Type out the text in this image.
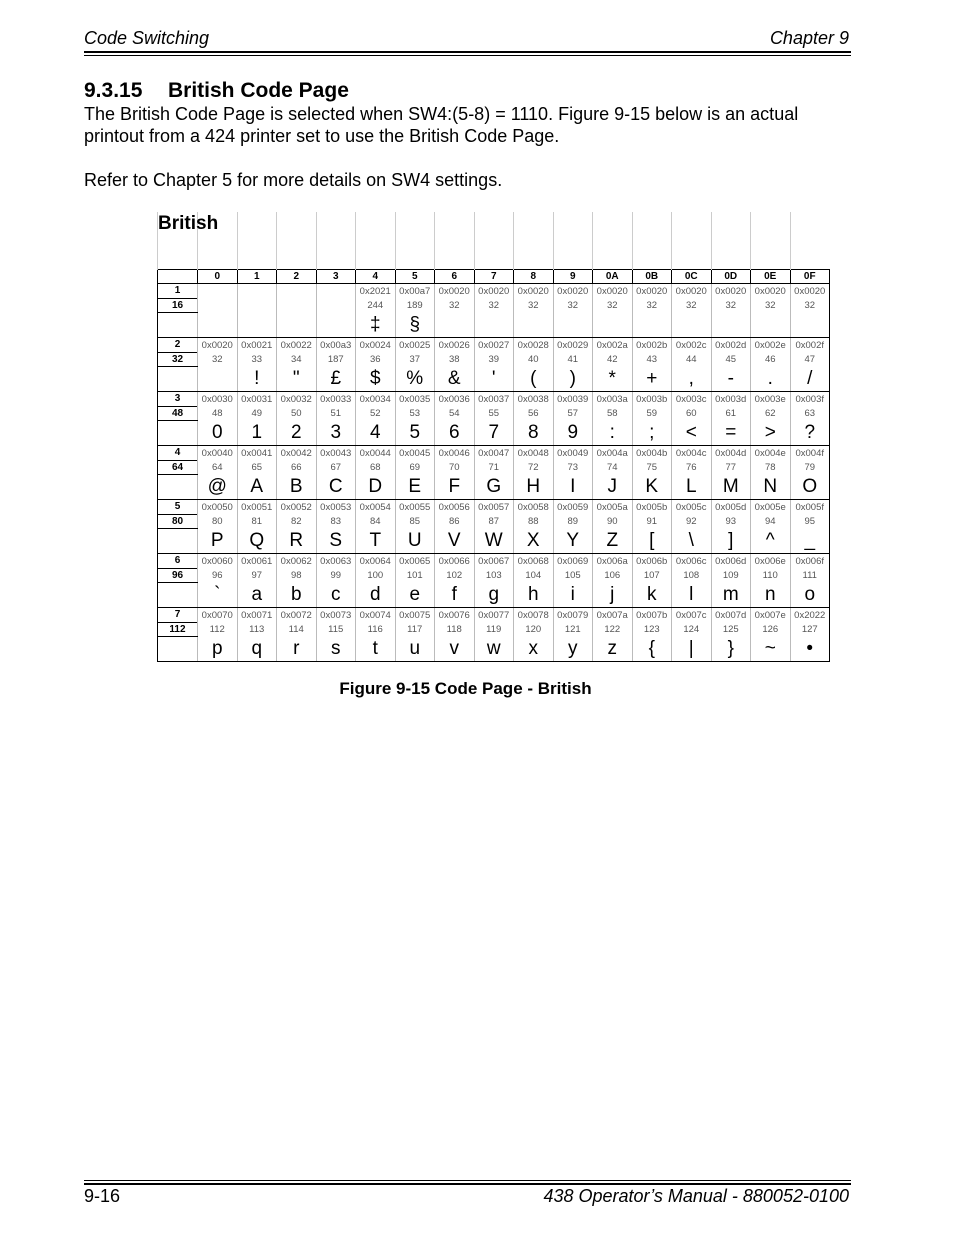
Code Switching	Chapter 9
9.3.15 British Code Page
The British Code Page is selected when SW4:(5-8) = 1110. Figure 9-15 below is an actual printout from a 424 printer set to use the British Code Page.
Refer to Chapter 5 for more details on SW4 settings.

	0	1	2	3	4	5	6	7	8	9	0A	0B	0C	0D	0E	0F
1					0x2021	0x00a7	0x0020	0x0020	0x0020	0x0020	0x0020	0x0020	0x0020	0x0020	0x0020	0x0020
16					244	189	32	32	32	32	32	32	32	32	32	32
					‡	§										
2	0x0020	0x0021	0x0022	0x00a3	0x0024	0x0025	0x0026	0x0027	0x0028	0x0029	0x002a	0x002b	0x002c	0x002d	0x002e	0x002f
32	32	33	34	187	36	37	38	39	40	41	42	43	44	45	46	47
		!	"	£	$	%	&	'	(	)	*	+	,	-	.	/
3	0x0030	0x0031	0x0032	0x0033	0x0034	0x0035	0x0036	0x0037	0x0038	0x0039	0x003a	0x003b	0x003c	0x003d	0x003e	0x003f
48	48	49	50	51	52	53	54	55	56	57	58	59	60	61	62	63
	0	1	2	3	4	5	6	7	8	9	:	;	<	=	>	?
4	0x0040	0x0041	0x0042	0x0043	0x0044	0x0045	0x0046	0x0047	0x0048	0x0049	0x004a	0x004b	0x004c	0x004d	0x004e	0x004f
64	64	65	66	67	68	69	70	71	72	73	74	75	76	77	78	79
	@	A	B	C	D	E	F	G	H	I	J	K	L	M	N	O
5	0x0050	0x0051	0x0052	0x0053	0x0054	0x0055	0x0056	0x0057	0x0058	0x0059	0x005a	0x005b	0x005c	0x005d	0x005e	0x005f
80	80	81	82	83	84	85	86	87	88	89	90	91	92	93	94	95
	P	Q	R	S	T	U	V	W	X	Y	Z	[	\	]	^	_
6	0x0060	0x0061	0x0062	0x0063	0x0064	0x0065	0x0066	0x0067	0x0068	0x0069	0x006a	0x006b	0x006c	0x006d	0x006e	0x006f
96	96	97	98	99	100	101	102	103	104	105	106	107	108	109	110	111
	`	a	b	c	d	e	f	g	h	i	j	k	l	m	n	o
7	0x0070	0x0071	0x0072	0x0073	0x0074	0x0075	0x0076	0x0077	0x0078	0x0079	0x007a	0x007b	0x007c	0x007d	0x007e	0x2022
112	112	113	114	115	116	117	118	119	120	121	122	123	124	125	126	127
	p	q	r	s	t	u	v	w	x	y	z	{	|	}	~	•
British
Figure 9-15 Code Page - British
9-16	438 Operator’s Manual - 880052-0100
